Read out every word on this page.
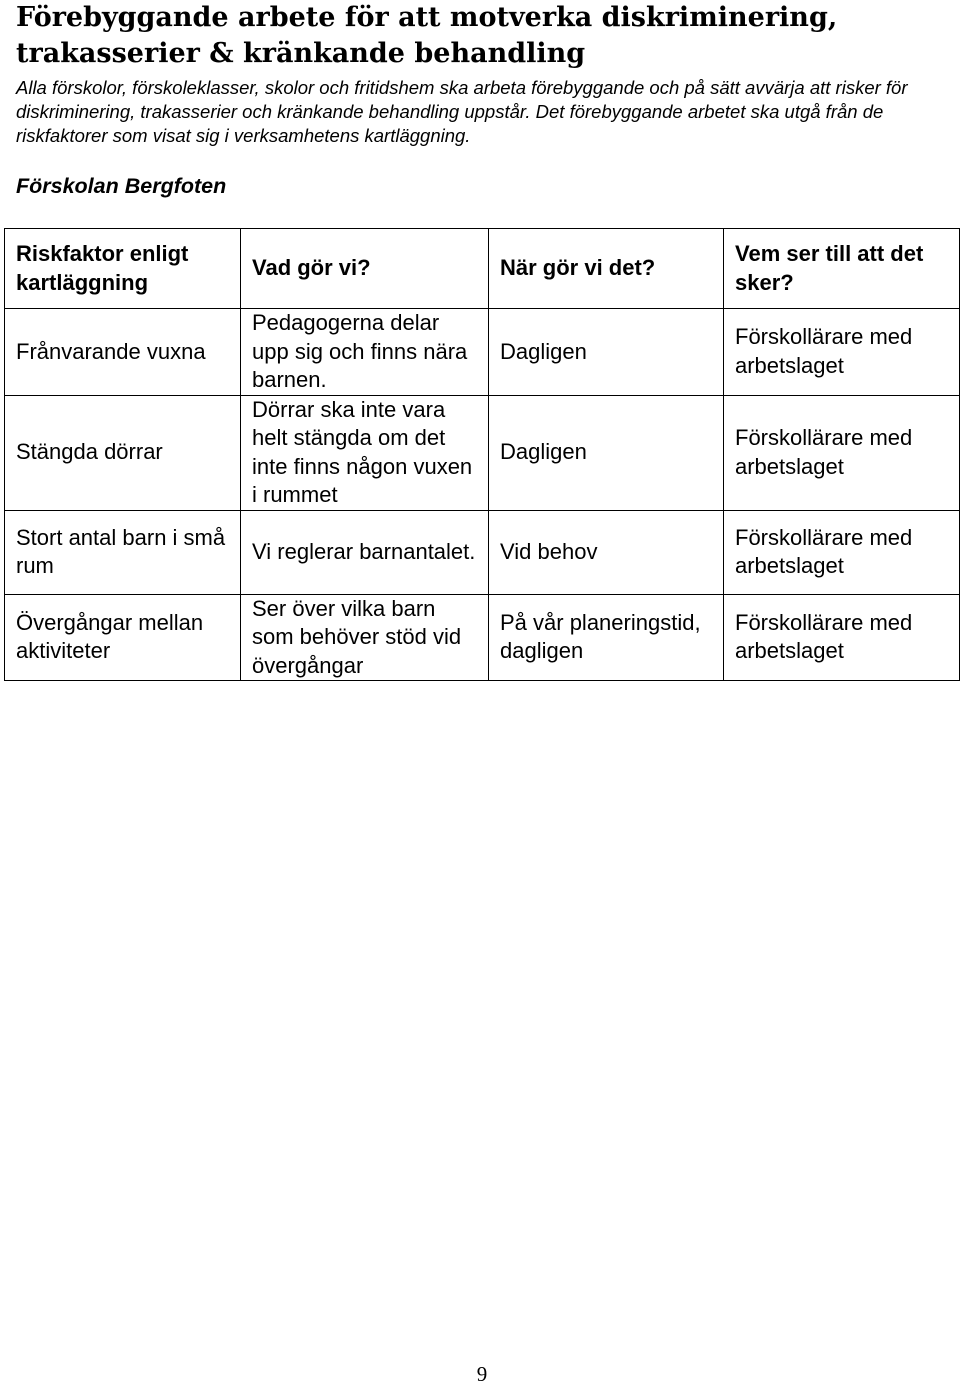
Förebyggande arbete för att motverka diskriminering, trakasserier & kränkande behandling

Alla förskolor, förskoleklasser, skolor och fritidshem ska arbeta förebyggande och på sätt avvärja att risker för diskriminering, trakasserier och kränkande behandling uppstår. Det förebyggande arbetet ska utgå från de riskfaktorer som visat sig i verksamhetens kartläggning.

Förskolan Bergfoten

Riskfaktor enligt kartläggning	Vad gör vi?	När gör vi det?	Vem ser till att det sker?
Frånvarande vuxna	Pedagogerna delar upp sig och finns nära barnen.	Dagligen	Förskollärare med arbetslaget
Stängda dörrar	Dörrar ska inte vara helt stängda om det inte finns någon vuxen i rummet	Dagligen	Förskollärare med arbetslaget
Stort antal barn i små rum	Vi reglerar barnantalet.	Vid behov	Förskollärare med arbetslaget
Övergångar mellan aktiviteter	Ser över vilka barn som behöver stöd vid övergångar	På vår planeringstid, dagligen	Förskollärare med arbetslaget
9
